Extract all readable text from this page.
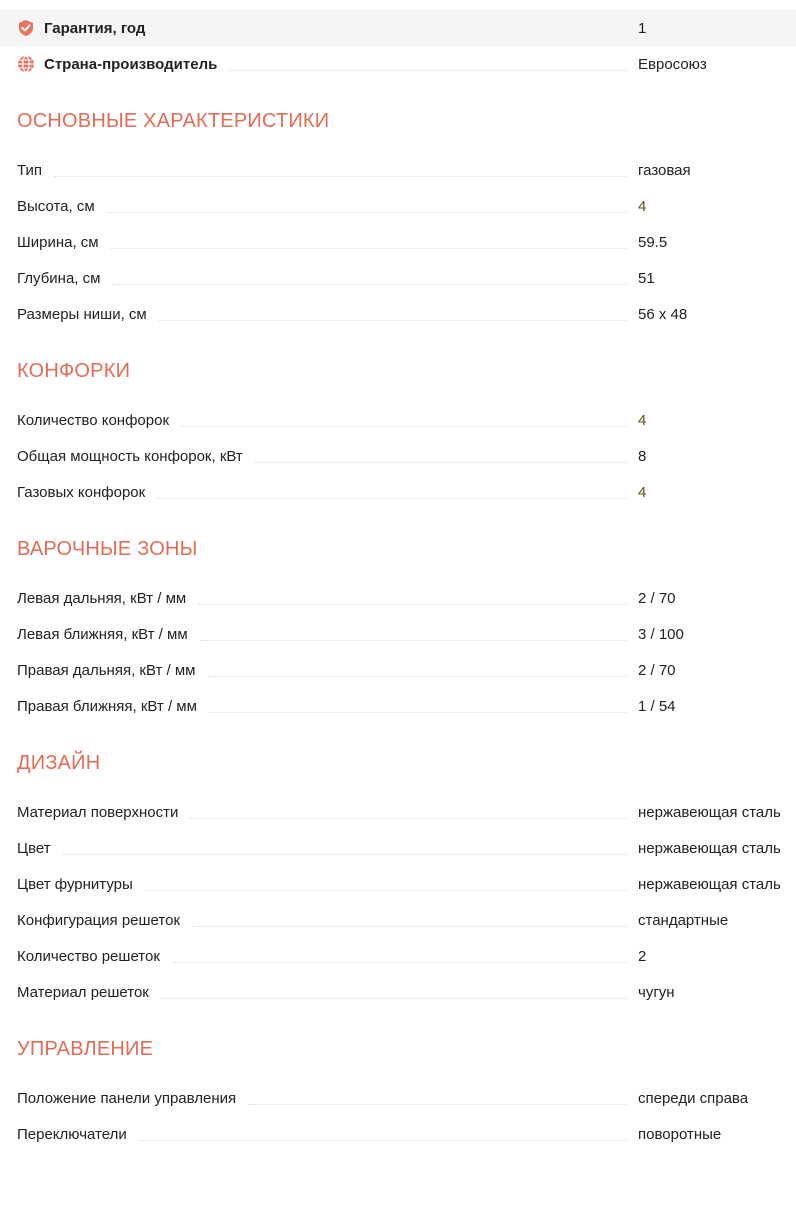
Гарантия, год	1
Страна-производитель	Евросоюз
ОСНОВНЫЕ ХАРАКТЕРИСТИКИ
Тип	газовая
Высота, см	4
Ширина, см	59.5
Глубина, см	51
Размеры ниши, см	56 x 48
КОНФОРКИ
Количество конфорок	4
Общая мощность конфорок, кВт	8
Газовых конфорок	4
ВАРОЧНЫЕ ЗОНЫ
Левая дальняя, кВт / мм	2 / 70
Левая ближняя, кВт / мм	3 / 100
Правая дальняя, кВт / мм	2 / 70
Правая ближняя, кВт / мм	1 / 54
ДИЗАЙН
Материал поверхности	нержавеющая сталь
Цвет	нержавеющая сталь
Цвет фурнитуры	нержавеющая сталь
Конфигурация решеток	стандартные
Количество решеток	2
Материал решеток	чугун
УПРАВЛЕНИЕ
Положение панели управления	спереди справа
Переключатели	поворотные
